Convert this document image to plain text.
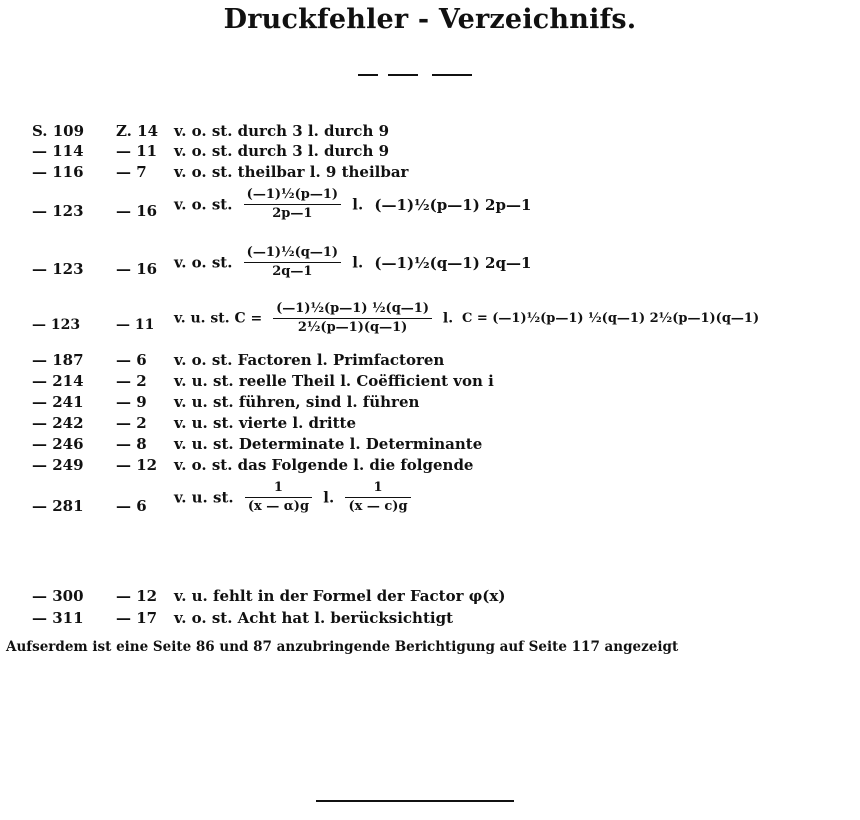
Druckfehler - Verzeichnifs.
S. 109	Z. 14	v. o. st. durch 3 l. durch 9
— 114	— 11	v. o. st. durch 3 l. durch 9
— 116	— 7	v. o. st. theilbar l. 9 theilbar
— 123	— 16	v. o. st. $\frac{\text{(—1)½(p—1)}}{2p—1} l$. (—1)½(p—1) 2p—1
— 123	— 16	v. o. st. $\frac{\text{(—1)½(q—1)}}{2q—1} l$. (—1)½(q—1) 2q—1
— 123	— 11	v. u. st. $C = \frac{\text{(—1)½(p—1) ½(q—1)}}{\text{2½(p—1)(q—1)}} l$. C = (—1)½(p—1) ½(q—1) 2½(p—1)(q—1)
— 187	— 6	v. o. st. Factoren l. Primfactoren
— 214	— 2	v. u. st. reelle Theil l. Coëfficient von i
— 241	— 9	v. u. st. führen, sind l. führen
— 242	— 2	v. u. st. vierte l. dritte
— 246	— 8	v. u. st. Determinate l. Determinante
— 249	— 12	v. o. st. das Folgende l. die folgende
— 281	— 6	v. u. st. $\frac{1}{(x — \alpha)g} l$. $\frac{1}{(x — c)g}$
— 300	— 12	v. u. fehlt in der Formel der Factor φ(x)
— 311	— 17	v. o. st. Acht hat l. berücksichtigt
Aufserdem ist eine Seite 86 und 87 anzubringende Berichtigung auf Seite 117 angezeigt
